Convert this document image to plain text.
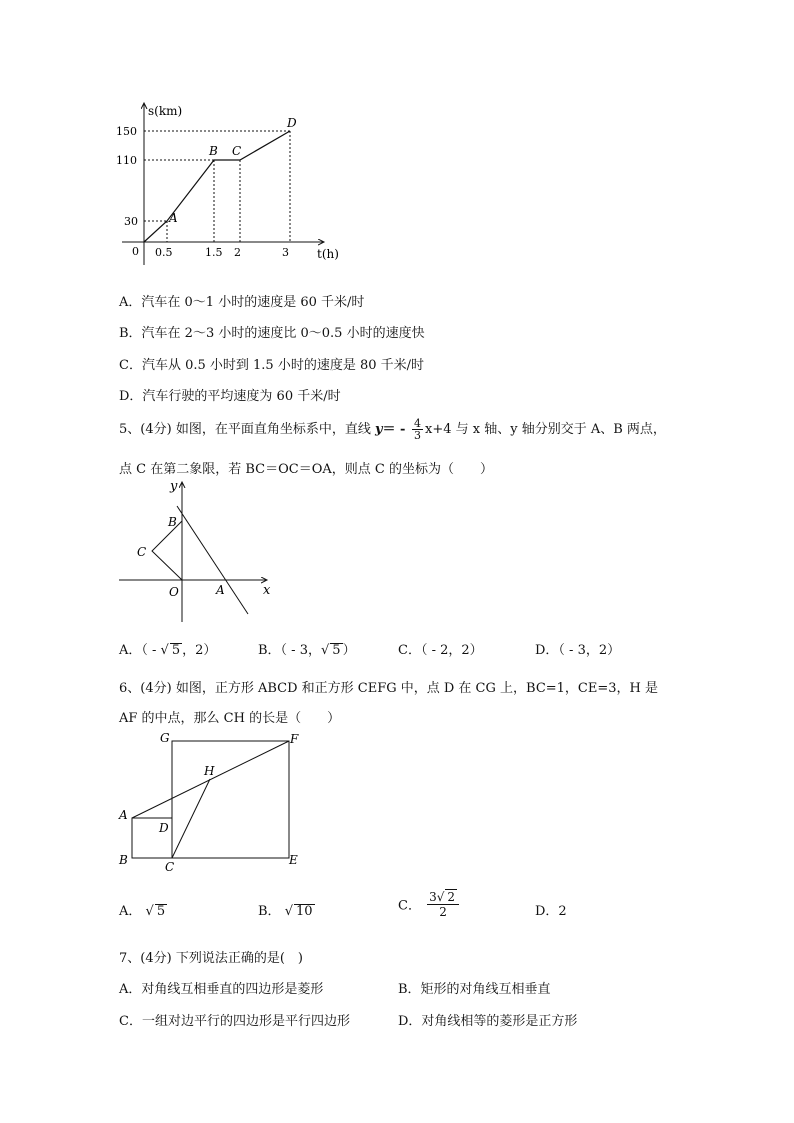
s(km)
t(h)
0
150
110
30
0.5	1.5 2	3
A
B C
D
A．汽车在 0～1 小时的速度是 60 千米/时
B．汽车在 2～3 小时的速度比 0～0.5 小时的速度快
C．汽车从 0.5 小时到 1.5 小时的速度是 80 千米/时
D．汽车行驶的平均速度为 60 千米/时
5、(4分) 如图，在平面直角坐标系中，直线 $y= - \frac{4}{3} x+4$ 与 x 轴、y 轴分别交于 A、B 两点，
点 C 在第二象限，若 BC＝OC＝OA，则点 C 的坐标为（　　）
y
x
B
C
O	A
A．（ - √ 5 ，2）	B．（ - 3，√ 5 ）	C．（ - 2，2）	D．（ - 3，2）
6、(4分) 如图，正方形 ABCD 和正方形 CEFG 中，点 D 在 CG 上，BC=1，CE=3，H 是
AF 的中点，那么 CH 的长是（　　）
G	F
H
A
D
B	C	E
A． √ 5	B． √ 10	C． $\frac{3√ 2}{2}$	D．2
7、(4分) 下列说法正确的是(　)
A．对角线互相垂直的四边形是菱形	B．矩形的对角线互相垂直
C．一组对边平行的四边形是平行四边形	D．对角线相等的菱形是正方形
